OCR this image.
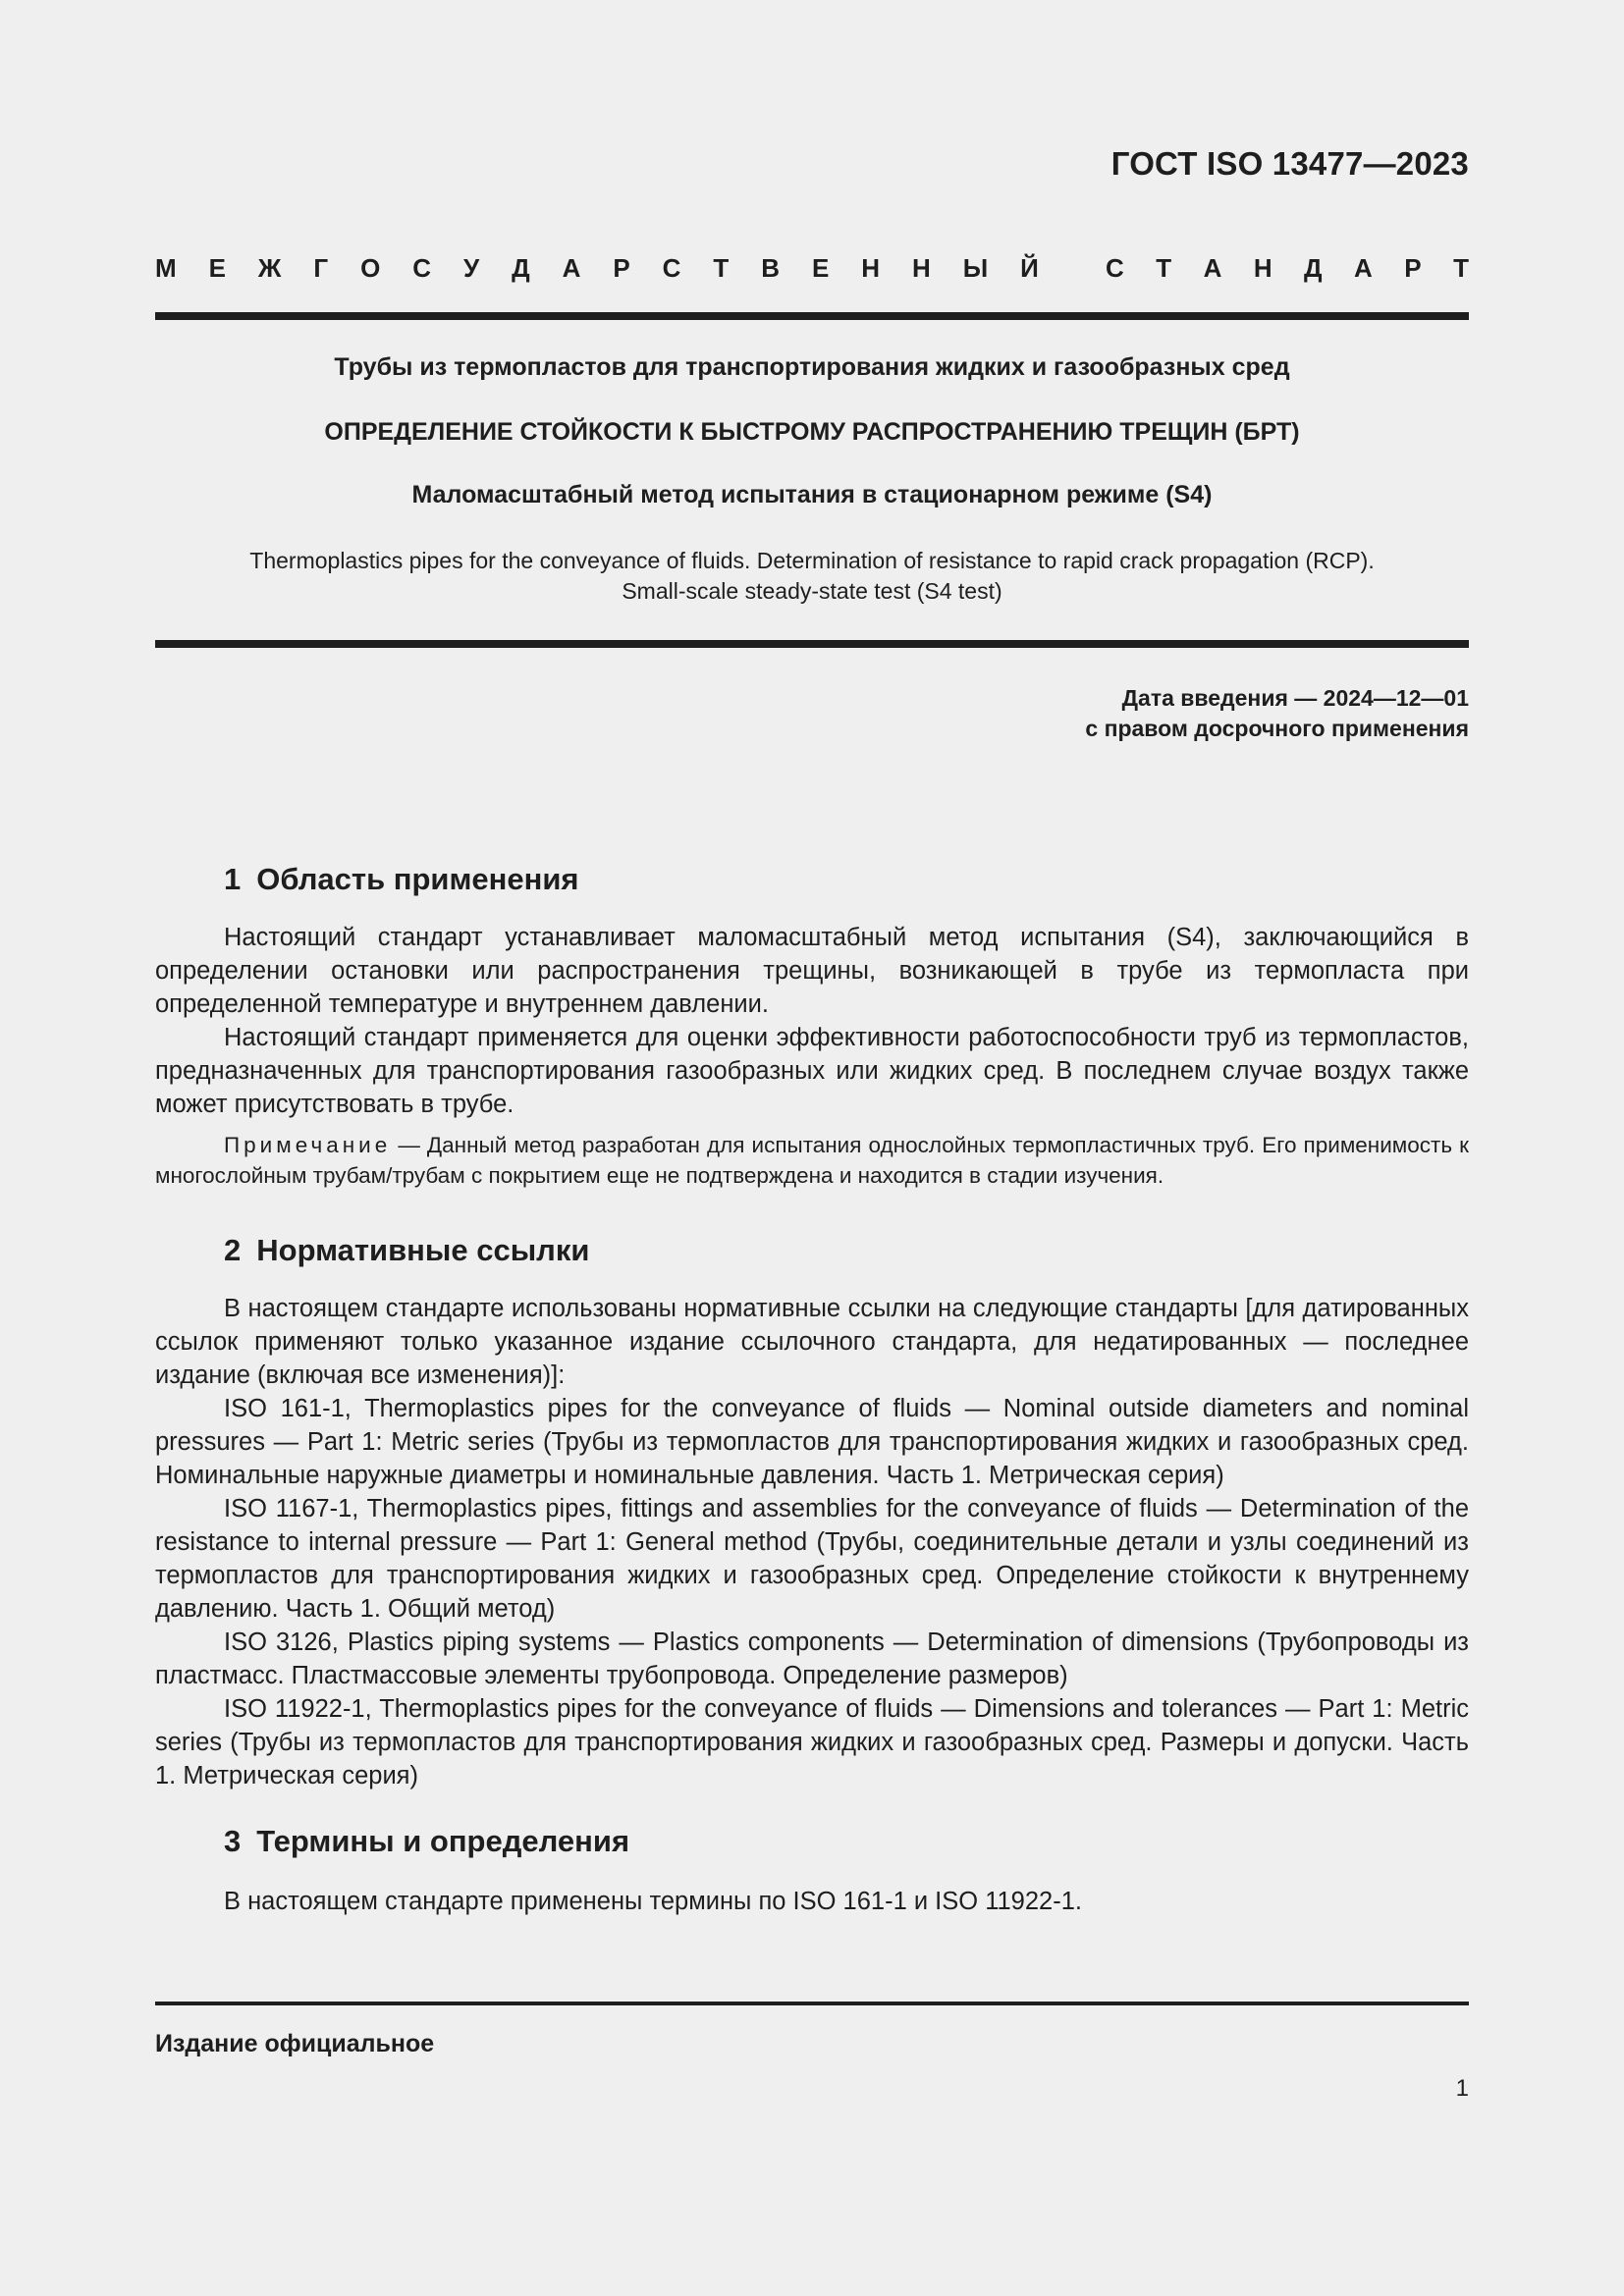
ГОСТ ISO 13477—2023
М Е Ж Г О С У Д А Р С Т В Е Н Н Ы Й	С Т А Н Д А Р Т
Трубы из термопластов для транспортирования жидких и газообразных сред
ОПРЕДЕЛЕНИЕ СТОЙКОСТИ К БЫСТРОМУ РАСПРОСТРАНЕНИЮ ТРЕЩИН (БРТ)
Маломасштабный метод испытания в стационарном режиме (S4)
Thermoplastics pipes for the conveyance of fluids. Determination of resistance to rapid crack propagation (RCP).
Small-scale steady-state test (S4 test)
Дата введения — 2024—12—01
с правом досрочного применения
1 Область применения

Настоящий стандарт устанавливает маломасштабный метод испытания (S4), заключающийся в определении остановки или распространения трещины, возникающей в трубе из термопласта при определенной температуре и внутреннем давлении.

Настоящий стандарт применяется для оценки эффективности работоспособности труб из термопластов, предназначенных для транспортирования газообразных или жидких сред. В последнем случае воздух также может присутствовать в трубе.

Примечание — Данный метод разработан для испытания однослойных термопластичных труб. Его применимость к многослойным трубам/трубам с покрытием еще не подтверждена и находится в стадии изучения.

2 Нормативные ссылки

В настоящем стандарте использованы нормативные ссылки на следующие стандарты [для датированных ссылок применяют только указанное издание ссылочного стандарта, для недатированных — последнее издание (включая все изменения)]:

ISO 161-1, Thermoplastics pipes for the conveyance of fluids — Nominal outside diameters and nominal pressures — Part 1: Metric series (Трубы из термопластов для транспортирования жидких и газообразных сред. Номинальные наружные диаметры и номинальные давления. Часть 1. Метрическая серия)

ISO 1167-1, Thermoplastics pipes, fittings and assemblies for the conveyance of fluids — Determination of the resistance to internal pressure — Part 1: General method (Трубы, соединительные детали и узлы соединений из термопластов для транспортирования жидких и газообразных сред. Определение стойкости к внутреннему давлению. Часть 1. Общий метод)

ISO 3126, Plastics piping systems — Plastics components — Determination of dimensions (Трубопроводы из пластмасс. Пластмассовые элементы трубопровода. Определение размеров)

ISO 11922-1, Thermoplastics pipes for the conveyance of fluids — Dimensions and tolerances — Part 1: Metric series (Трубы из термопластов для транспортирования жидких и газообразных сред. Размеры и допуски. Часть 1. Метрическая серия)

3 Термины и определения

В настоящем стандарте применены термины по ISO 161-1 и ISO 11922-1.

Издание официальное
1
